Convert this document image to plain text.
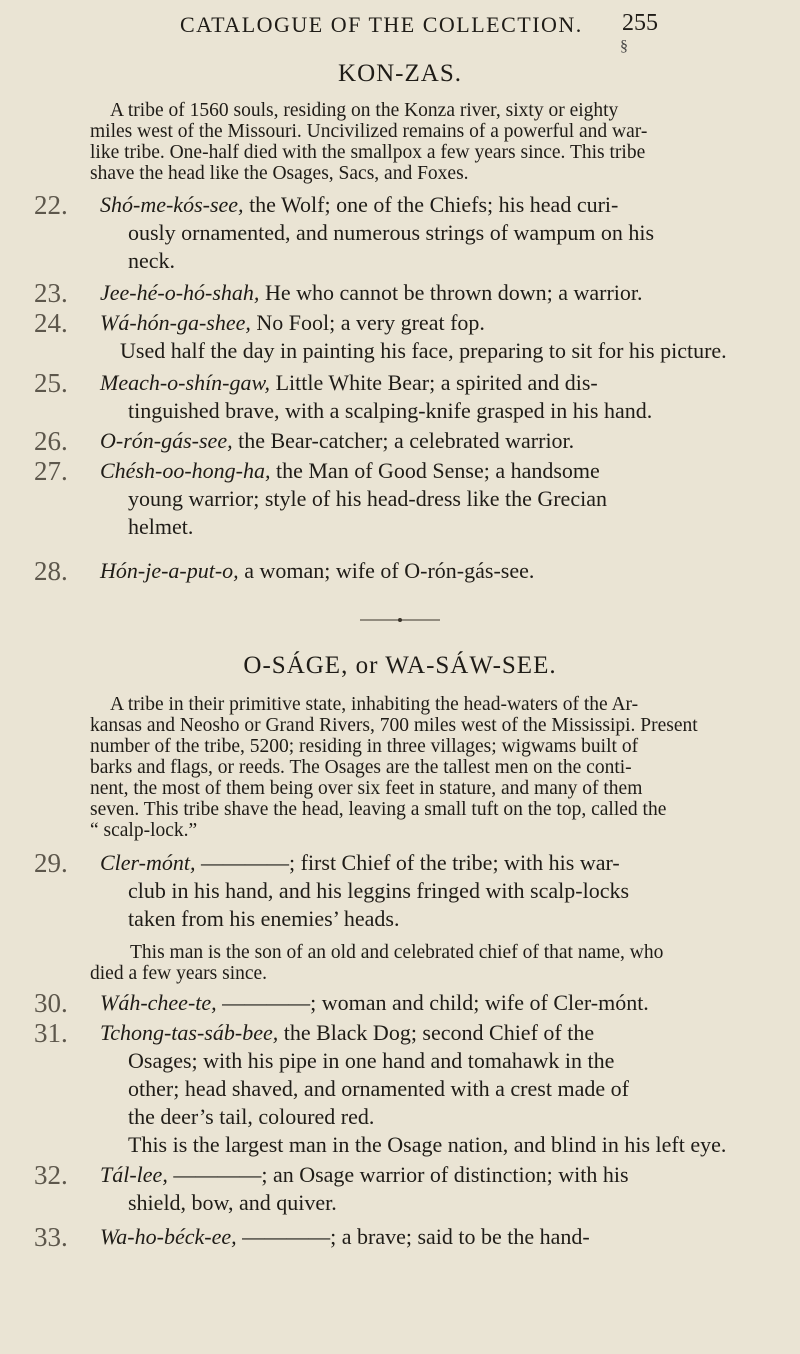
CATALOGUE OF THE COLLECTION. 255
§
KON-ZAS.
A tribe of 1560 souls, residing on the Konza river, sixty or eighty
miles west of the Missouri. Uncivilized remains of a powerful and war-
like tribe. One-half died with the smallpox a few years since. This tribe
shave the head like the Osages, Sacs, and Foxes.
22. Shó-me-kós-see, the Wolf; one of the Chiefs; his head curi-
ously ornamented, and numerous strings of wampum on his
neck.
23. Jee-hé-o-hó-shah, He who cannot be thrown down; a warrior.
24. Wá-hón-ga-shee, No Fool; a very great fop.
Used half the day in painting his face, preparing to sit for his picture.
25. Meach-o-shín-gaw, Little White Bear; a spirited and dis-
tinguished brave, with a scalping-knife grasped in his hand.
26. O-rón-gás-see, the Bear-catcher; a celebrated warrior.
27. Chésh-oo-hong-ha, the Man of Good Sense; a handsome
young warrior; style of his head-dress like the Grecian
helmet.
28. Hón-je-a-put-o, a woman; wife of O-rón-gás-see.
O-SÁGE, or WA-SÁW-SEE.
A tribe in their primitive state, inhabiting the head-waters of the Ar-
kansas and Neosho or Grand Rivers, 700 miles west of the Mississipi. Present
number of the tribe, 5200; residing in three villages; wigwams built of
barks and flags, or reeds. The Osages are the tallest men on the conti-
nent, the most of them being over six feet in stature, and many of them
seven. This tribe shave the head, leaving a small tuft on the top, called the
“ scalp-lock.”
29. Cler-mónt, ————; first Chief of the tribe; with his war-
club in his hand, and his leggins fringed with scalp-locks
taken from his enemies’ heads.
This man is the son of an old and celebrated chief of that name, who
died a few years since.
30. Wáh-chee-te, ————; woman and child; wife of Cler-mónt.
31. Tchong-tas-sáb-bee, the Black Dog; second Chief of the
Osages; with his pipe in one hand and tomahawk in the
other; head shaved, and ornamented with a crest made of
the deer’s tail, coloured red.
This is the largest man in the Osage nation, and blind in his left eye.
32. Tál-lee, ————; an Osage warrior of distinction; with his
shield, bow, and quiver.
33. Wa-ho-béck-ee, ————; a brave; said to be the hand-
